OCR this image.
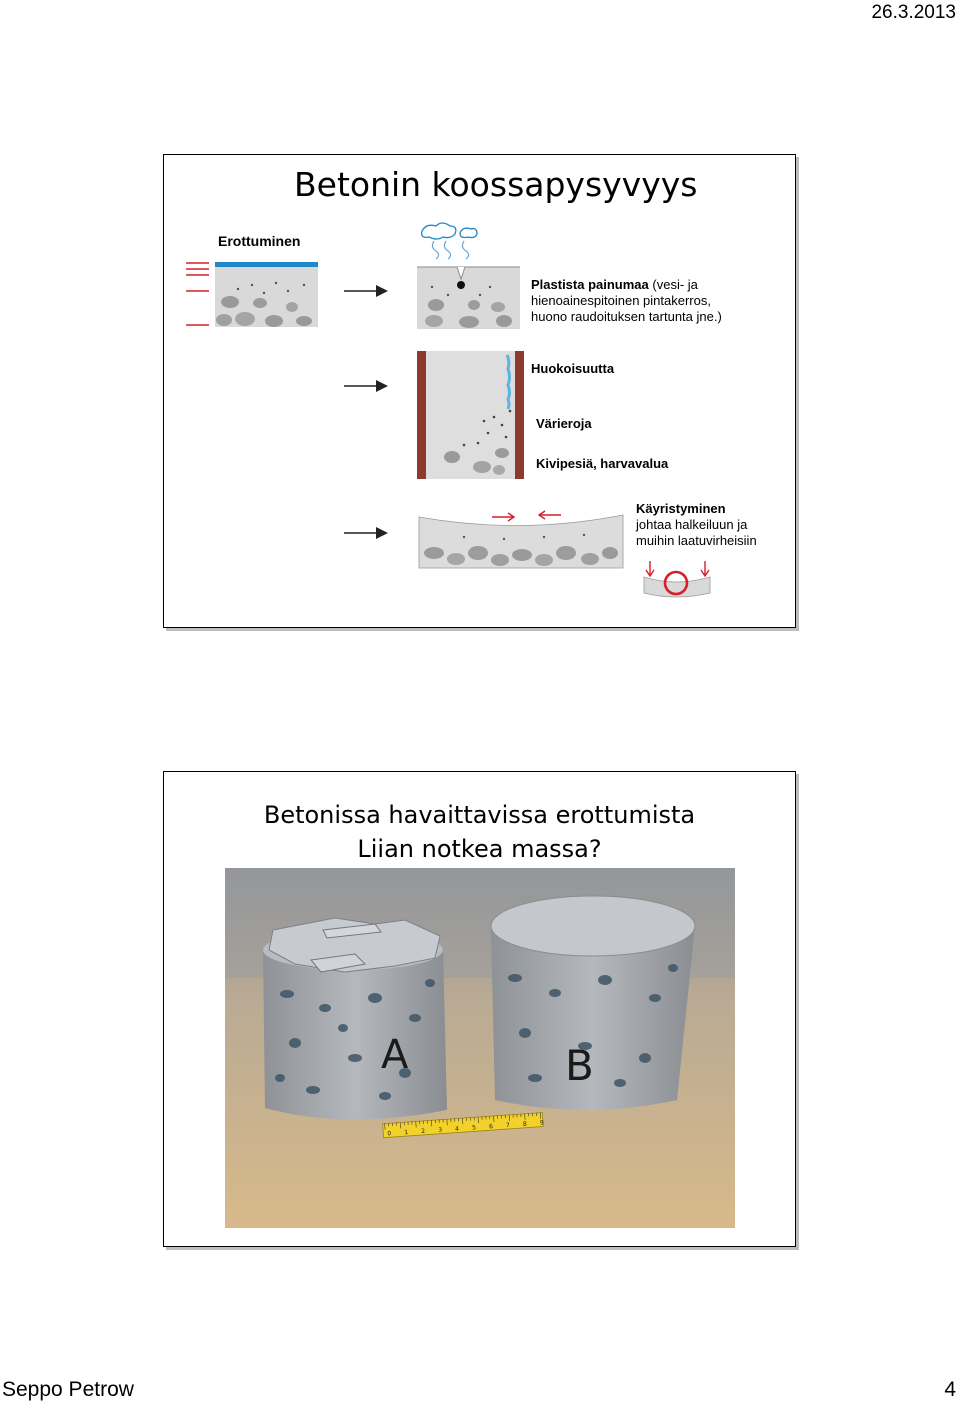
26.3.2013
Betonin koossapysyvyys
Erottuminen
Plastista painumaa (vesi- ja
hienoainespitoinen pintakerros,
huono raudoituksen tartunta jne.)
Huokoisuutta
Värieroja
Kivipesiä, harvavalua
Käyristyminen
johtaa halkeiluun ja
muihin laatuvirheisiin
Betonissa havaittavissa erottumista
Liian notkea massa?
A	B
0 1 2 3 4 5 6 7 8 9
Seppo Petrow	4
